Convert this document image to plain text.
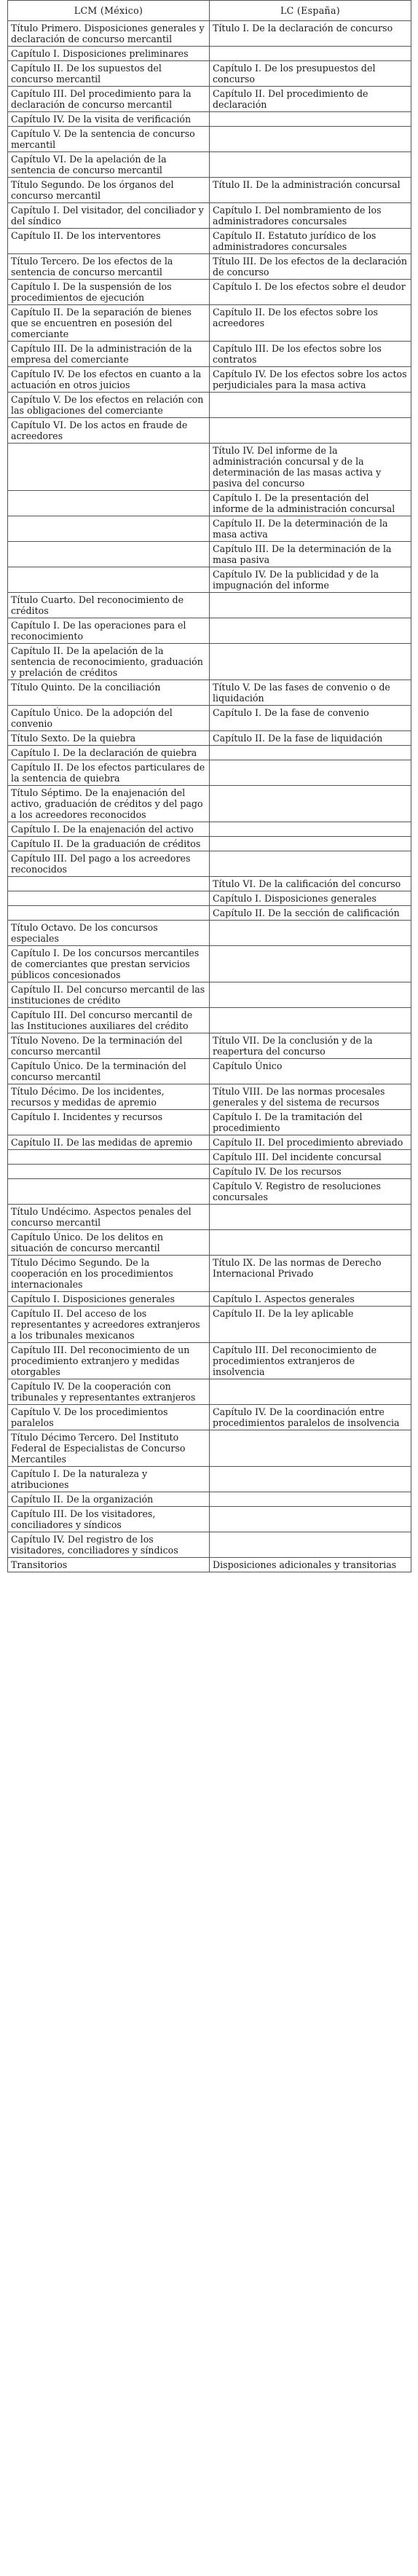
LCM (México)	LC (España)
Título Primero. Disposiciones generales y declaración de concurso mercantil	Título I. De la declaración de concurso
Capítulo I. Disposiciones preliminares	
Capítulo II. De los supuestos del concurso mercantil	Capítulo I. De los presupuestos del concurso
Capítulo III. Del procedimiento para la declaración de concurso mercantil	Capítulo II. Del procedimiento de declaración
Capítulo IV. De la visita de verificación	
Capítulo V. De la sentencia de concurso mercantil	
Capítulo VI. De la apelación de la sentencia de concurso mercantil	
Título Segundo. De los órganos del concurso mercantil	Título II. De la administración concursal
Capítulo I. Del visitador, del conciliador y del síndico	Capítulo I. Del nombramiento de los administradores concursales
Capítulo II. De los interventores	Capítulo II. Estatuto jurídico de los administradores concursales
Título Tercero. De los efectos de la sentencia de concurso mercantil	Título III. De los efectos de la declaración de concurso
Capítulo I. De la suspensión de los procedimientos de ejecución	Capítulo I. De los efectos sobre el deudor
Capítulo II. De la separación de bienes que se encuentren en posesión del comerciante	Capítulo II. De los efectos sobre los acreedores
Capítulo III. De la administración de la empresa del comerciante	Capítulo III. De los efectos sobre los contratos
Capítulo IV. De los efectos en cuanto a la actuación en otros juicios	Capítulo IV. De los efectos sobre los actos perjudiciales para la masa activa
Capítulo V. De los efectos en relación con las obligaciones del comerciante	
Capítulo VI. De los actos en fraude de acreedores	
	Título IV. Del informe de la administración concursal y de la determinación de las masas activa y pasiva del concurso
	Capítulo I. De la presentación del informe de la administración concursal
	Capítulo II. De la determinación de la masa activa
	Capítulo III. De la determinación de la masa pasiva
	Capítulo IV. De la publicidad y de la impugnación del informe
Título Cuarto. Del reconocimiento de créditos	
Capítulo I. De las operaciones para el reconocimiento	
Capítulo II. De la apelación de la sentencia de reconocimiento, graduación y prelación de créditos	
Título Quinto. De la conciliación	Título V. De las fases de convenio o de liquidación
Capítulo Único. De la adopción del convenio	Capítulo I. De la fase de convenio
Título Sexto. De la quiebra	Capítulo II. De la fase de liquidación
Capítulo I. De la declaración de quiebra	
Capítulo II. De los efectos particulares de la sentencia de quiebra	
Título Séptimo. De la enajenación del activo, graduación de créditos y del pago a los acreedores reconocidos	
Capítulo I. De la enajenación del activo	
Capítulo II. De la graduación de créditos	
Capítulo III. Del pago a los acreedores reconocidos	
	Título VI. De la calificación del concurso
	Capítulo I. Disposiciones generales
	Capítulo II. De la sección de calificación
Título Octavo. De los concursos especiales	
Capítulo I. De los concursos mercantiles de comerciantes que prestan servicios públicos concesionados	
Capítulo II. Del concurso mercantil de las instituciones de crédito	
Capítulo III. Del concurso mercantil de las Instituciones auxiliares del crédito	
Título Noveno. De la terminación del concurso mercantil	Título VII. De la conclusión y de la reapertura del concurso
Capítulo Único. De la terminación del concurso mercantil	Capítulo Único
Título Décimo. De los incidentes, recursos y medidas de apremio	Título VIII. De las normas procesales generales y del sistema de recursos
Capítulo I. Incidentes y recursos	Capítulo I. De la tramitación del procedimiento
Capítulo II. De las medidas de apremio	Capítulo II. Del procedimiento abreviado
	Capítulo III. Del incidente concursal
	Capítulo IV. De los recursos
	Capítulo V. Registro de resoluciones concursales
Título Undécimo. Aspectos penales del concurso mercantil	
Capítulo Único. De los delitos en situación de concurso mercantil	
Título Décimo Segundo. De la cooperación en los procedimientos internacionales	Título IX. De las normas de Derecho Internacional Privado
Capítulo I. Disposiciones generales	Capítulo I. Aspectos generales
Capítulo II. Del acceso de los representantes y acreedores extranjeros a los tribunales mexicanos	Capítulo II. De la ley aplicable
Capítulo III. Del reconocimiento de un procedimiento extranjero y medidas otorgables	Capítulo III. Del reconocimiento de procedimientos extranjeros de insolvencia
Capítulo IV. De la cooperación con tribunales y representantes extranjeros	
Capítulo V. De los procedimientos paralelos	Capítulo IV. De la coordinación entre procedimientos paralelos de insolvencia
Título Décimo Tercero. Del Instituto Federal de Especialistas de Concurso Mercantiles	
Capítulo I. De la naturaleza y atribuciones	
Capítulo II. De la organización	
Capítulo III. De los visitadores, conciliadores y síndicos	
Capítulo IV. Del registro de los visitadores, conciliadores y síndicos	
Transitorios	Disposiciones adicionales y transitorias
